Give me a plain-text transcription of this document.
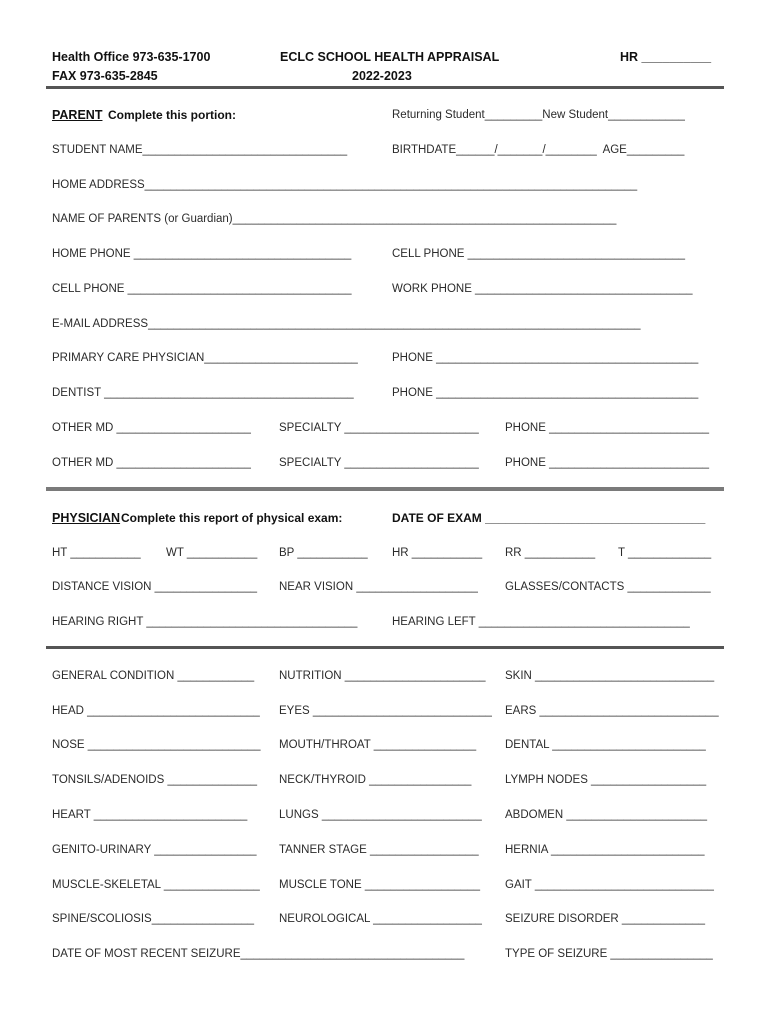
Health Office 973-635-1700
FAX 973-635-2845
ECLC SCHOOL HEALTH APPRAISAL
2022-2023
HR __________
PARENT Complete this portion:	Returning Student_________New Student____________
STUDENT NAME________________________________	BIRTHDATE______/_______/________  AGE_________
HOME ADDRESS_____________________________________________________________________________
NAME OF PARENTS (or Guardian)____________________________________________________________
HOME PHONE __________________________________	CELL PHONE __________________________________
CELL PHONE ___________________________________	WORK PHONE __________________________________
E-MAIL ADDRESS_____________________________________________________________________________
PRIMARY CARE PHYSICIAN________________________	PHONE _________________________________________
DENTIST _______________________________________	PHONE _________________________________________
OTHER MD _____________________ SPECIALTY _____________________ PHONE _________________________
OTHER MD _____________________ SPECIALTY _____________________ PHONE _________________________
PHYSICIAN Complete this report of physical exam:	DATE OF EXAM _________________________________
HT ___________ WT ___________ BP ___________ HR ___________ RR ___________ T _____________
DISTANCE VISION ________________ NEAR VISION ___________________ GLASSES/CONTACTS _____________
HEARING RIGHT _________________________________	HEARING LEFT _________________________________
GENERAL CONDITION ____________ NUTRITION ______________________ SKIN ____________________________
HEAD ___________________________ EYES ____________________________ EARS ____________________________
NOSE ___________________________ MOUTH/THROAT ________________	DENTAL ________________________
TONSILS/ADENOIDS ______________ NECK/THYROID ________________	LYMPH NODES __________________
HEART ________________________	LUNGS _________________________ ABDOMEN ______________________
GENITO-URINARY ________________ TANNER STAGE _________________ HERNIA ________________________
MUSCLE-SKELETAL _______________ MUSCLE TONE __________________ GAIT ____________________________
SPINE/SCOLIOSIS________________ NEUROLOGICAL _________________ SEIZURE DISORDER _____________
DATE OF MOST RECENT SEIZURE___________________________________	TYPE OF SEIZURE ________________
